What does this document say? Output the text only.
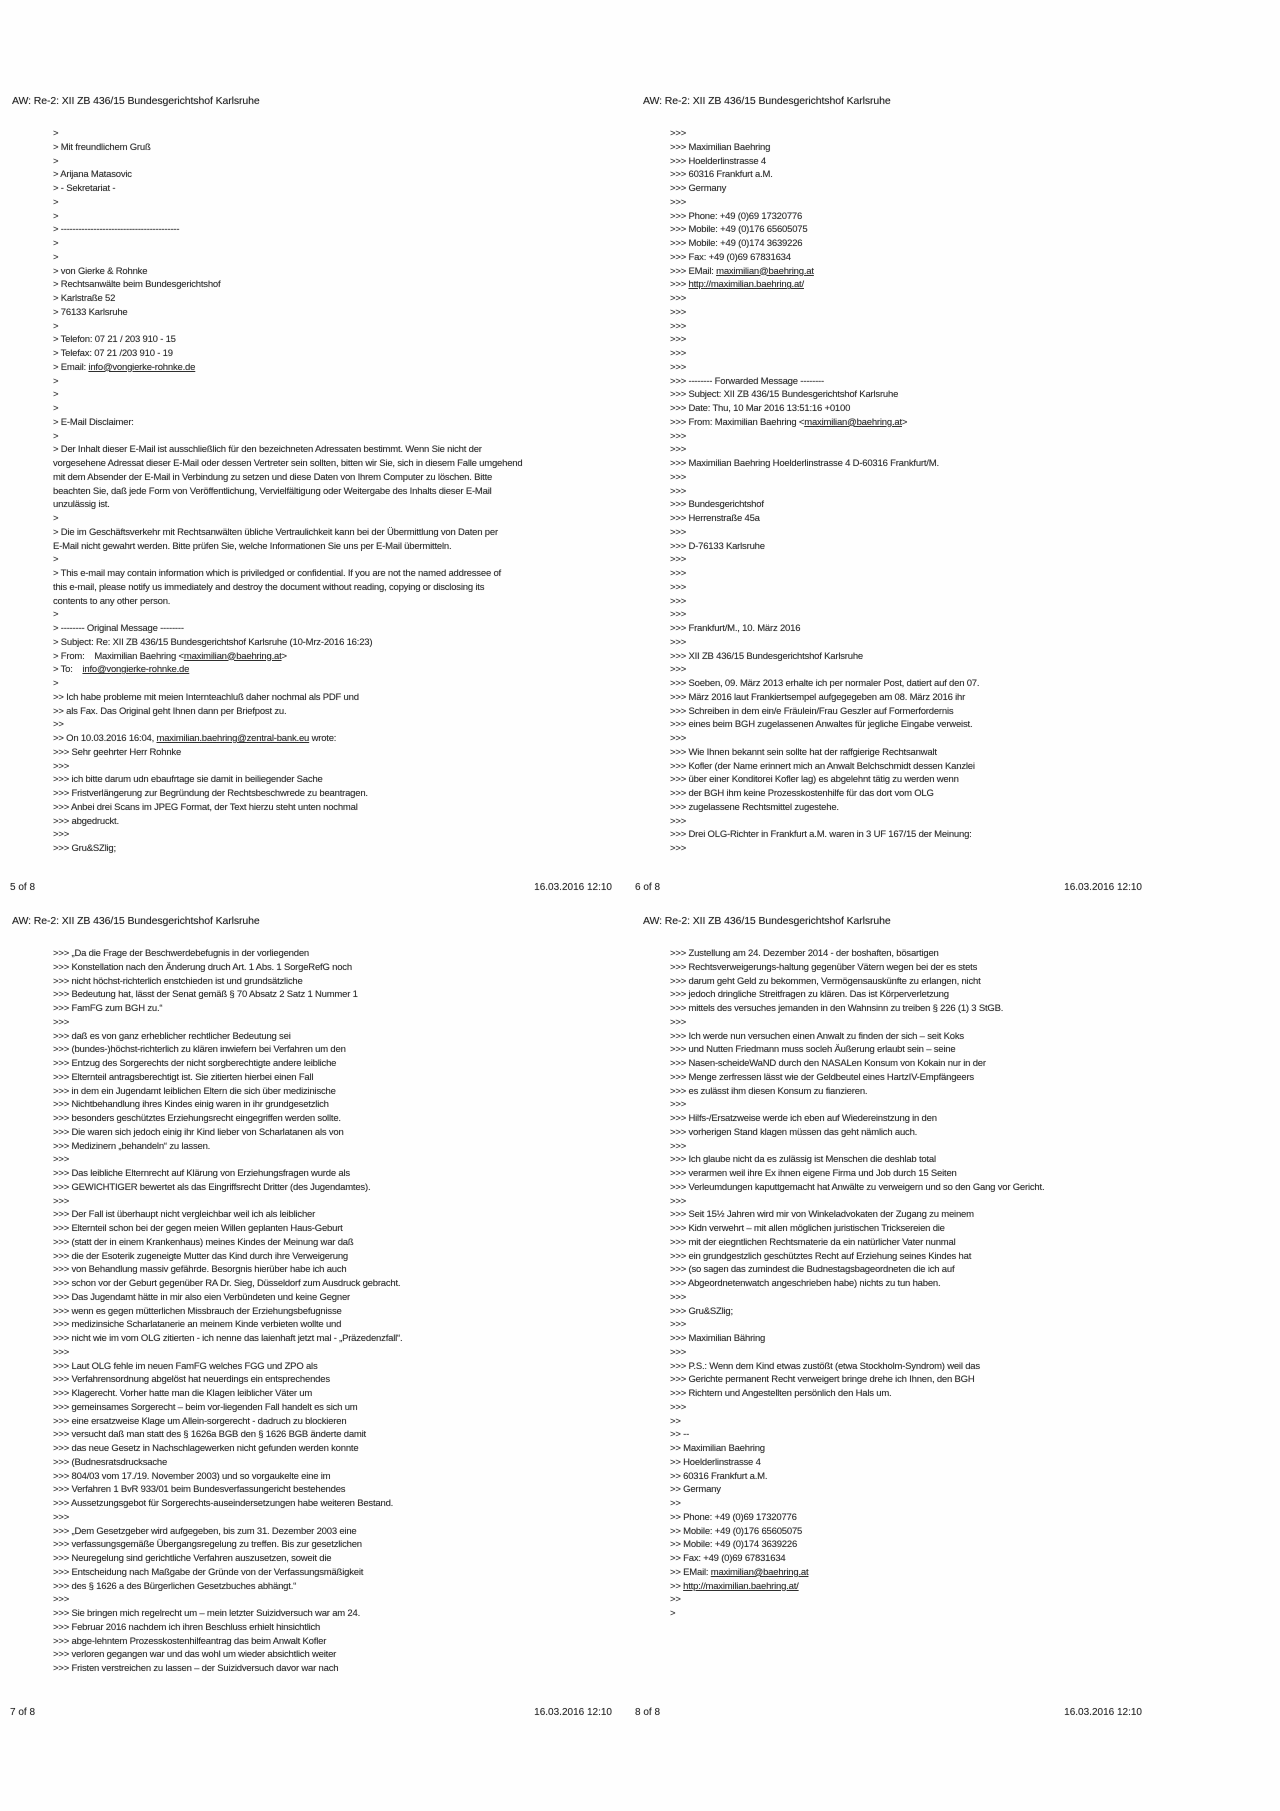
AW: Re-2: XII ZB 436/15 Bundesgerichtshof Karlsruhe
>
> Mit freundlichem Gruß
>
> Arijana Matasovic
> - Sekretariat -
>
>
> ----------------------------------------
>
>
> von Gierke & Rohnke
> Rechtsanwälte beim Bundesgerichtshof
> Karlstraße 52
> 76133 Karlsruhe
>
> Telefon: 07 21 / 203 910 - 15
> Telefax: 07 21 /203 910 - 19
> Email: info@vongierke-rohnke.de
>
>
>
> E-Mail Disclaimer:
>
> Der Inhalt dieser E-Mail ist ausschließlich für den bezeichneten Adressaten bestimmt. Wenn Sie nicht der
vorgesehene Adressat dieser E-Mail oder dessen Vertreter sein sollten, bitten wir Sie, sich in diesem Falle umgehend
mit dem Absender der E-Mail in Verbindung zu setzen und diese Daten von Ihrem Computer zu löschen. Bitte
beachten Sie, daß jede Form von Veröffentlichung, Vervielfältigung oder Weitergabe des Inhalts dieser E-Mail
unzulässig ist.
>
> Die im Geschäftsverkehr mit Rechtsanwälten übliche Vertraulichkeit kann bei der Übermittlung von Daten per
E-Mail nicht gewahrt werden. Bitte prüfen Sie, welche Informationen Sie uns per E-Mail übermitteln.
>
> This e-mail may contain information which is priviledged or confidential. If you are not the named addressee of
this e-mail, please notify us immediately and destroy the document without reading, copying or disclosing its
contents to any other person.
>
> -------- Original Message --------
> Subject: Re: XII ZB 436/15 Bundesgerichtshof Karlsruhe (10-Mrz-2016 16:23)
> From:    Maximilian Baehring <maximilian@baehring.at>
> To:    info@vongierke-rohnke.de
>
>> Ich habe probleme mit meien Internteachluß daher nochmal als PDF und
>> als Fax. Das Original geht Ihnen dann per Briefpost zu.
>>
>> On 10.03.2016 16:04, maximilian.baehring@zentral-bank.eu wrote:
>>> Sehr geehrter Herr Rohnke
>>>
>>> ich bitte darum udn ebaufrtage sie damit in beiliegender Sache
>>> Fristverlängerung zur Begründung der Rechtsbeschwrede zu beantragen.
>>> Anbei drei Scans im JPEG Format, der Text hierzu steht unten nochmal
>>> abgedruckt.
>>>
>>> Gru&SZlig;
5 of 8	16.03.2016 12:10
AW: Re-2: XII ZB 436/15 Bundesgerichtshof Karlsruhe
>>>
>>> Maximilian Baehring
>>> Hoelderlinstrasse 4
>>> 60316 Frankfurt a.M.
>>> Germany
>>>
>>> Phone: +49 (0)69 17320776
>>> Mobile: +49 (0)176 65605075
>>> Mobile: +49 (0)174 3639226
>>> Fax: +49 (0)69 67831634
>>> EMail: maximilian@baehring.at
>>> http://maximilian.baehring.at/
>>>
>>>
>>>
>>>
>>>
>>>
>>> -------- Forwarded Message --------
>>> Subject: XII ZB 436/15 Bundesgerichtshof Karlsruhe
>>> Date: Thu, 10 Mar 2016 13:51:16 +0100
>>> From: Maximilian Baehring <maximilian@baehring.at>
>>>
>>>
>>> Maximilian Baehring Hoelderlinstrasse 4 D-60316 Frankfurt/M.
>>>
>>>
>>> Bundesgerichtshof
>>> Herrenstraße 45a
>>>
>>> D-76133 Karlsruhe
>>>
>>>
>>>
>>>
>>>
>>> Frankfurt/M., 10. März 2016
>>>
>>> XII ZB 436/15 Bundesgerichtshof Karlsruhe
>>>
>>> Soeben, 09. März 2013 erhalte ich per normaler Post, datiert auf den 07.
>>> März 2016 laut Frankiertsempel aufgegegeben am 08. März 2016 ihr
>>> Schreiben in dem ein/e Fräulein/Frau Geszler auf Formerfordernis
>>> eines beim BGH zugelassenen Anwaltes für jegliche Eingabe verweist.
>>>
>>> Wie Ihnen bekannt sein sollte hat der raffgierige Rechtsanwalt
>>> Kofler (der Name erinnert mich an Anwalt Belchschmidt dessen Kanzlei
>>> über einer Konditorei Kofler lag) es abgelehnt tätig zu werden wenn
>>> der BGH ihm keine Prozesskostenhilfe für das dort vom OLG
>>> zugelassene Rechtsmittel zugestehe.
>>>
>>> Drei OLG-Richter in Frankfurt a.M. waren in 3 UF 167/15 der Meinung:
>>>
6 of 8	16.03.2016 12:10
AW: Re-2: XII ZB 436/15 Bundesgerichtshof Karlsruhe
>>> „Da die Frage der Beschwerdebefugnis in der vorliegenden
>>> Konstellation nach den Änderung druch Art. 1 Abs. 1 SorgeRefG noch
>>> nicht höchst-richterlich enstchieden ist und grundsätzliche
>>> Bedeutung hat, lässt der Senat gemäß § 70 Absatz 2 Satz 1 Nummer 1
>>> FamFG zum BGH zu.“
>>>
>>> daß es von ganz erheblicher rechtlicher Bedeutung sei
>>> (bundes-)höchst-richterlich zu klären inwiefern bei Verfahren um den
>>> Entzug des Sorgerechts der nicht sorgberechtigte andere leibliche
>>> Elternteil antragsberechtigt ist. Sie zitierten hierbei einen Fall
>>> in dem ein Jugendamt leiblichen Eltern die sich über medizinische
>>> Nichtbehandlung ihres Kindes einig waren in ihr grundgesetzlich
>>> besonders geschütztes Erziehungsrecht eingegriffen werden sollte.
>>> Die waren sich jedoch einig ihr Kind lieber von Scharlatanen als von
>>> Medizinern „behandeln“ zu lassen.
>>>
>>> Das leibliche Elternrecht auf Klärung von Erziehungsfragen wurde als
>>> GEWICHTIGER bewertet als das Eingriffsrecht Dritter (des Jugendamtes).
>>>
>>> Der Fall ist überhaupt nicht vergleichbar weil ich als leiblicher
>>> Elternteil schon bei der gegen meien Willen geplanten Haus-Geburt
>>> (statt der in einem Krankenhaus) meines Kindes der Meinung war daß
>>> die der Esoterik zugeneigte Mutter das Kind durch ihre Verweigerung
>>> von Behandlung massiv gefährde. Besorgnis hierüber habe ich auch
>>> schon vor der Geburt gegenüber RA Dr. Sieg, Düsseldorf zum Ausdruck gebracht.
>>> Das Jugendamt hätte in mir also eien Verbündeten und keine Gegner
>>> wenn es gegen mütterlichen Missbrauch der Erziehungsbefugnisse
>>> medizinsiche Scharlatanerie an meinem Kinde verbieten wollte und
>>> nicht wie im vom OLG zitierten - ich nenne das laienhaft jetzt mal - „Präzedenzfall“.
>>>
>>> Laut OLG fehle im neuen FamFG welches FGG und ZPO als
>>> Verfahrensordnung abgelöst hat neuerdings ein entsprechendes
>>> Klagerecht. Vorher hatte man die Klagen leiblicher Väter um
>>> gemeinsames Sorgerecht – beim vor-liegenden Fall handelt es sich um
>>> eine ersatzweise Klage um Allein-sorgerecht - dadruch zu blockieren
>>> versucht daß man statt des § 1626a BGB den § 1626 BGB änderte damit
>>> das neue Gesetz in Nachschlagewerken nicht gefunden werden konnte
>>> (Budnesratsdrucksache
>>> 804/03 vom 17./19. November 2003) und so vorgaukelte eine im
>>> Verfahren 1 BvR 933/01 beim Bundesverfassungericht bestehendes
>>> Aussetzungsgebot für Sorgerechts-auseindersetzungen habe weiteren Bestand.
>>>
>>> „Dem Gesetzgeber wird aufgegeben, bis zum 31. Dezember 2003 eine
>>> verfassungsgemäße Übergangsregelung zu treffen. Bis zur gesetzlichen
>>> Neuregelung sind gerichtliche Verfahren auszusetzen, soweit die
>>> Entscheidung nach Maßgabe der Gründe von der Verfassungsmäßigkeit
>>> des § 1626 a des Bürgerlichen Gesetzbuches abhängt.“
>>>
>>> Sie bringen mich regelrecht um – mein letzter Suizidversuch war am 24.
>>> Februar 2016 nachdem ich ihren Beschluss erhielt hinsichtlich
>>> abge-lehntem Prozesskostenhilfeantrag das beim Anwalt Kofler
>>> verloren gegangen war und das wohl um wieder absichtlich weiter
>>> Fristen verstreichen zu lassen – der Suizidversuch davor war nach
7 of 8	16.03.2016 12:10
AW: Re-2: XII ZB 436/15 Bundesgerichtshof Karlsruhe
>>> Zustellung am 24. Dezember 2014 - der boshaften, bösartigen
>>> Rechtsverweigerungs-haltung gegenüber Vätern wegen bei der es stets
>>> darum geht Geld zu bekommen, Vermögensauskünfte zu erlangen, nicht
>>> jedoch dringliche Streitfragen zu klären. Das ist Körperverletzung
>>> mittels des versuches jemanden in den Wahnsinn zu treiben § 226 (1) 3 StGB.
>>>
>>> Ich werde nun versuchen einen Anwalt zu finden der sich – seit Koks
>>> und Nutten Friedmann muss socleh Äußerung erlaubt sein – seine
>>> Nasen-scheideWaND durch den NASALen Konsum von Kokain nur in der
>>> Menge zerfressen lässt wie der Geldbeutel eines HartzIV-Empfängeers
>>> es zulässt ihm diesen Konsum zu fianzieren.
>>>
>>> Hilfs-/Ersatzweise werde ich eben auf Wiedereinstzung in den
>>> vorherigen Stand klagen müssen das geht nämlich auch.
>>>
>>> Ich glaube nicht da es zulässig ist Menschen die deshlab total
>>> verarmen weil ihre Ex ihnen eigene Firma und Job durch 15 Seiten
>>> Verleumdungen kaputtgemacht hat Anwälte zu verweigern und so den Gang vor Gericht.
>>>
>>> Seit 15½ Jahren wird mir von Winkeladvokaten der Zugang zu meinem
>>> Kidn verwehrt – mit allen möglichen juristischen Tricksereien die
>>> mit der eiegntlichen Rechtsmaterie da ein natürlicher Vater nunmal
>>> ein grundgestzlich geschütztes Recht auf Erziehung seines Kindes hat
>>> (so sagen das zumindest die Budnestagsbageordneten die ich auf
>>> Abgeordnetenwatch angeschrieben habe) nichts zu tun haben.
>>>
>>> Gru&SZlig;
>>>
>>> Maximilian Bähring
>>>
>>> P.S.: Wenn dem Kind etwas zustößt (etwa Stockholm-Syndrom) weil das
>>> Gerichte permanent Recht verweigert bringe drehe ich Ihnen, den BGH
>>> Richtern und Angestellten persönlich den Hals um.
>>>
>>
>> --
>> Maximilian Baehring
>> Hoelderlinstrasse 4
>> 60316 Frankfurt a.M.
>> Germany
>>
>> Phone: +49 (0)69 17320776
>> Mobile: +49 (0)176 65605075
>> Mobile: +49 (0)174 3639226
>> Fax: +49 (0)69 67831634
>> EMail: maximilian@baehring.at
>> http://maximilian.baehring.at/
>>
>
8 of 8	16.03.2016 12:10
